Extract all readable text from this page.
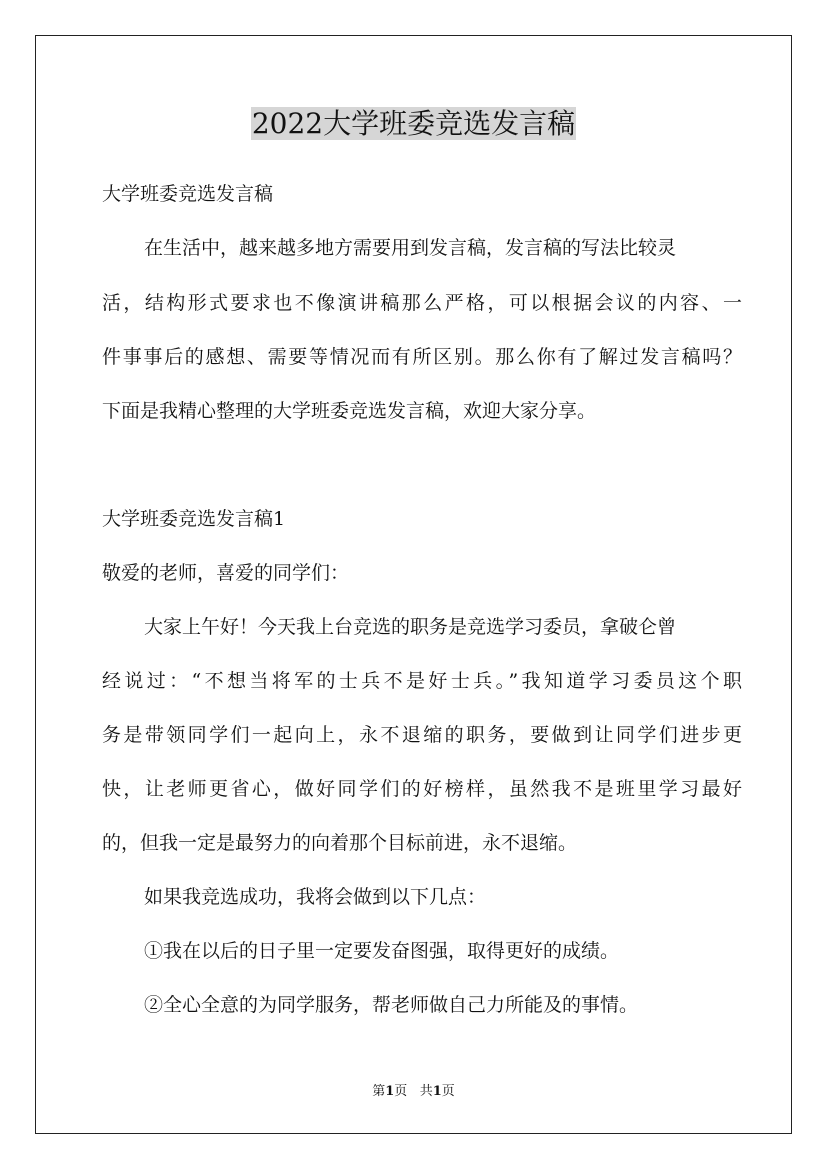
2022大学班委竞选发言稿
大学班委竞选发言稿
在生活中，越来越多地方需要用到发言稿，发言稿的写法比较灵
活，结构形式要求也不像演讲稿那么严格，可以根据会议的内容、一
件事事后的感想、需要等情况而有所区别。那么你有了解过发言稿吗？
下面是我精心整理的大学班委竞选发言稿，欢迎大家分享。
大学班委竞选发言稿1
敬爱的老师，喜爱的同学们：
大家上午好！今天我上台竞选的职务是竞选学习委员，拿破仑曾
经说过：“不想当将军的士兵不是好士兵。”我知道学习委员这个职
务是带领同学们一起向上，永不退缩的职务，要做到让同学们进步更
快，让老师更省心，做好同学们的好榜样，虽然我不是班里学习最好
的，但我一定是最努力的向着那个目标前进，永不退缩。
如果我竞选成功，我将会做到以下几点：
①我在以后的日子里一定要发奋图强，取得更好的成绩。
②全心全意的为同学服务，帮老师做自己力所能及的事情。
第1页 共1页
